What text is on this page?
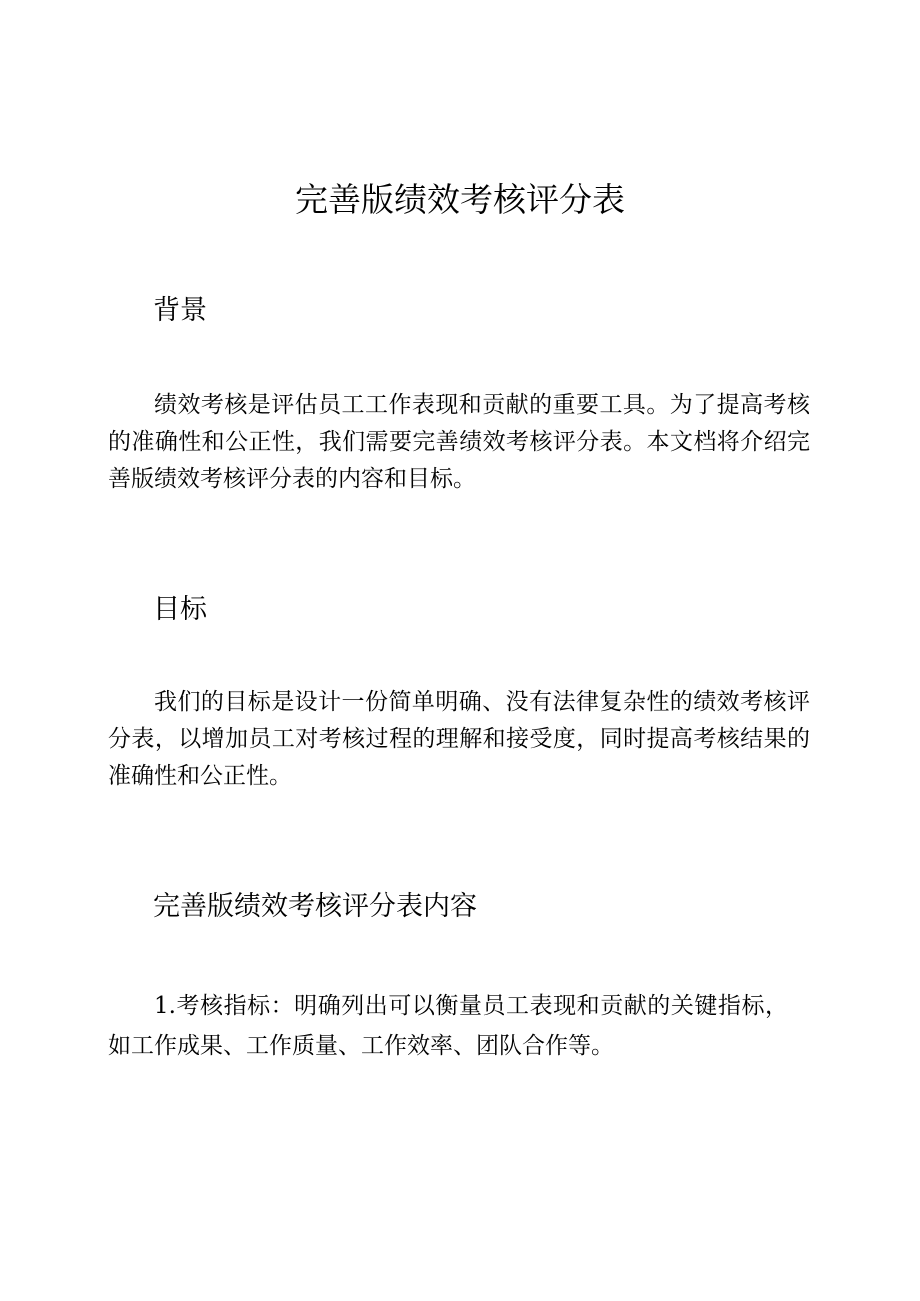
完善版绩效考核评分表
背景

绩效考核是评估员工工作表现和贡献的重要工具。为了提高考核的准确性和公正性，我们需要完善绩效考核评分表。本文档将介绍完善版绩效考核评分表的内容和目标。

目标

我们的目标是设计一份简单明确、没有法律复杂性的绩效考核评分表，以增加员工对考核过程的理解和接受度，同时提高考核结果的准确性和公正性。

完善版绩效考核评分表内容

1.考核指标：明确列出可以衡量员工表现和贡献的关键指标，如工作成果、工作质量、工作效率、团队合作等。
